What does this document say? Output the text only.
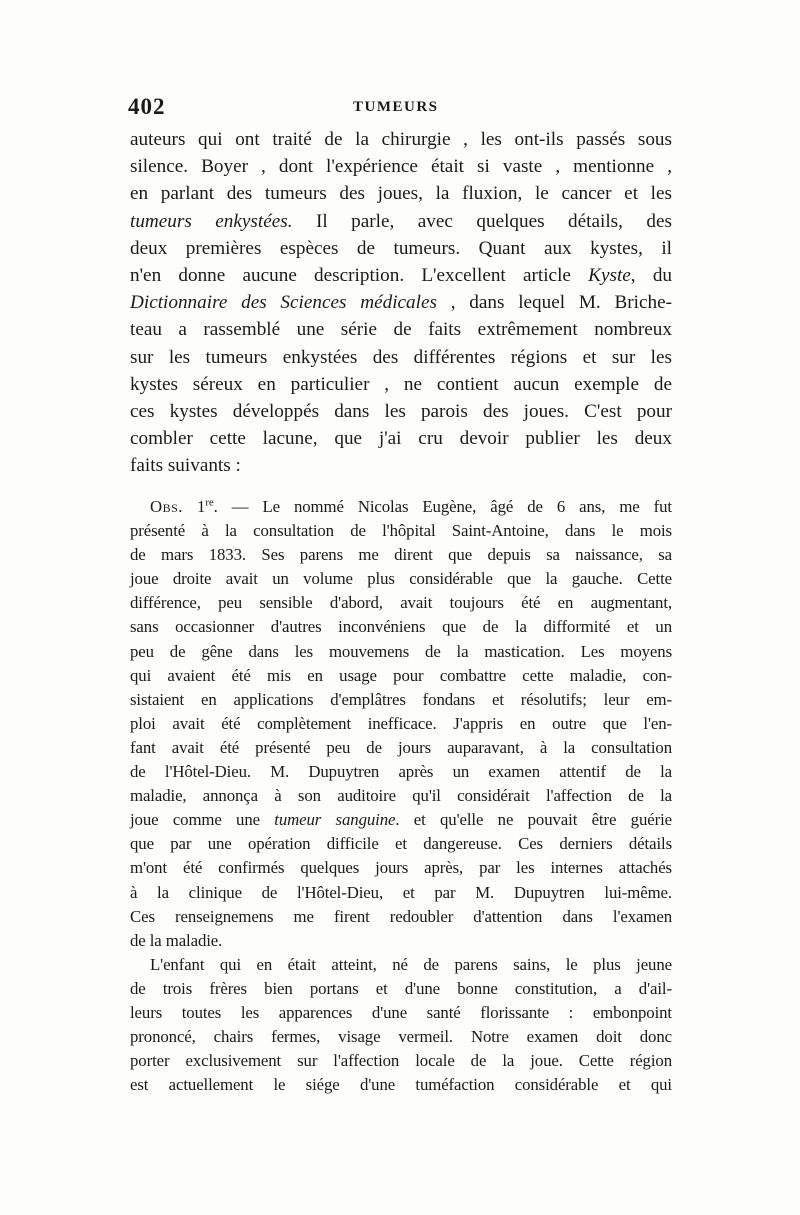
402	TUMEURS
auteurs qui ont traité de la chirurgie , les ont-ils passés sous
silence. Boyer , dont l'expérience était si vaste , mentionne ,
en parlant des tumeurs des joues, la fluxion, le cancer et les
tumeurs enkystées. Il parle, avec quelques détails, des
deux premières espèces de tumeurs. Quant aux kystes, il
n'en donne aucune description. L'excellent article Kyste, du
Dictionnaire des Sciences médicales , dans lequel M. Briche-
teau a rassemblé une série de faits extrêmement nombreux
sur les tumeurs enkystées des différentes régions et sur les
kystes séreux en particulier , ne contient aucun exemple de
ces kystes développés dans les parois des joues. C'est pour
combler cette lacune, que j'ai cru devoir publier les deux
faits suivants :
Obs. 1re. — Le nommé Nicolas Eugène, âgé de 6 ans, me fut
présenté à la consultation de l'hôpital Saint-Antoine, dans le mois
de mars 1833. Ses parens me dirent que depuis sa naissance, sa
joue droite avait un volume plus considérable que la gauche. Cette
différence, peu sensible d'abord, avait toujours été en augmentant,
sans occasionner d'autres inconvéniens que de la difformité et un
peu de gêne dans les mouvemens de la mastication. Les moyens
qui avaient été mis en usage pour combattre cette maladie, con-
sistaient en applications d'emplâtres fondans et résolutifs; leur em-
ploi avait été complètement inefficace. J'appris en outre que l'en-
fant avait été présenté peu de jours auparavant, à la consultation
de l'Hôtel-Dieu. M. Dupuytren après un examen attentif de la
maladie, annonça à son auditoire qu'il considérait l'affection de la
joue comme une tumeur sanguine. et qu'elle ne pouvait être guérie
que par une opération difficile et dangereuse. Ces derniers détails
m'ont été confirmés quelques jours après, par les internes attachés
à la clinique de l'Hôtel-Dieu, et par M. Dupuytren lui-même.
Ces renseignemens me firent redoubler d'attention dans l'examen
de la maladie.
L'enfant qui en était atteint, né de parens sains, le plus jeune
de trois frères bien portans et d'une bonne constitution, a d'ail-
leurs toutes les apparences d'une santé florissante : embonpoint
prononcé, chairs fermes, visage vermeil. Notre examen doit donc
porter exclusivement sur l'affection locale de la joue. Cette région
est actuellement le siége d'une tuméfaction considérable et qui
